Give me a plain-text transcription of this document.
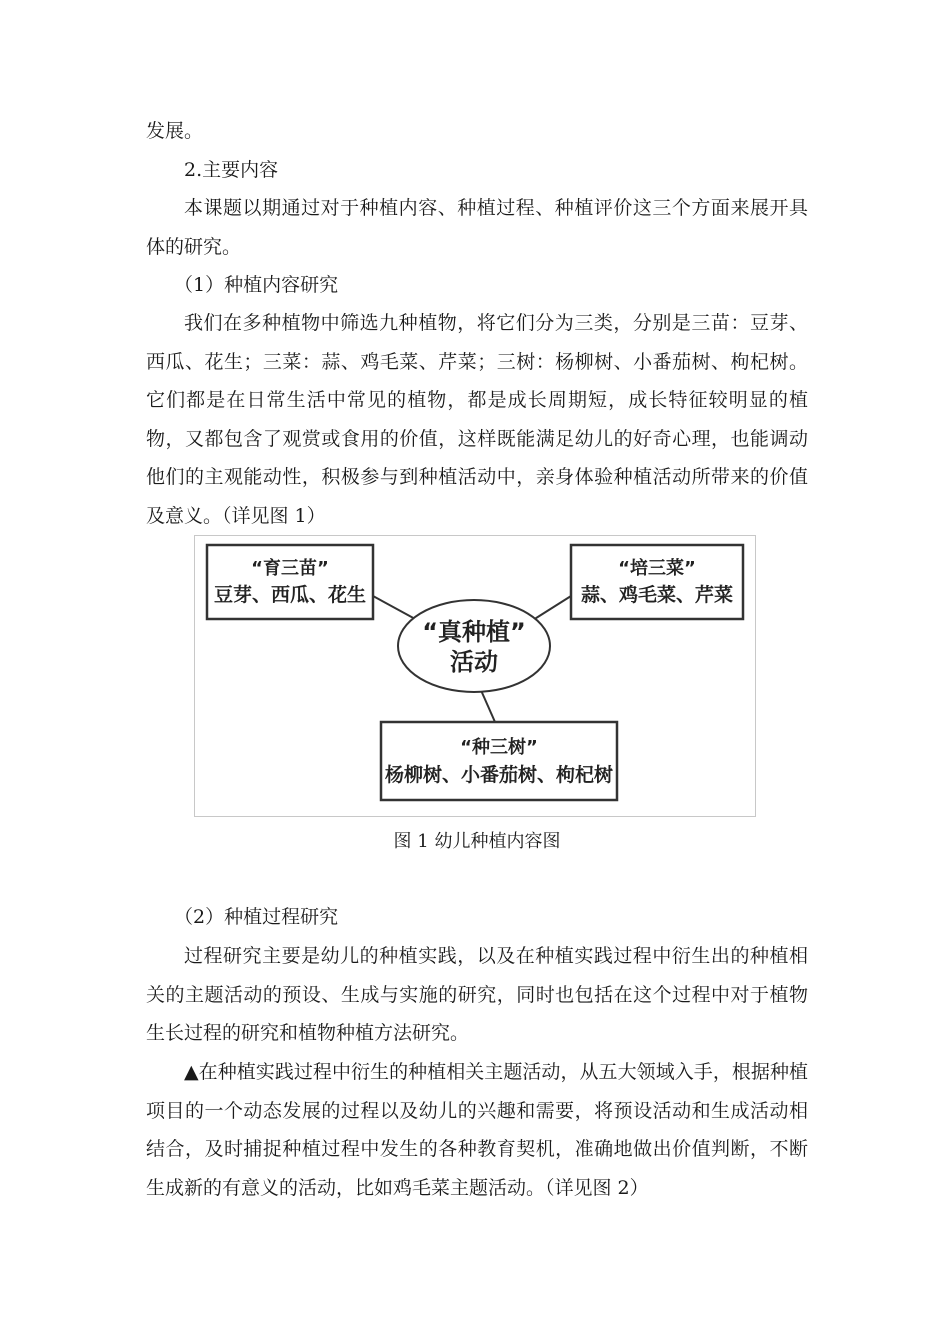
发展。

2.主要内容

本课题以期通过对于种植内容、种植过程、种植评价这三个方面来展开具体的研究。

（1）种植内容研究

我们在多种植物中筛选九种植物，将它们分为三类，分别是三苗：豆芽、西瓜、花生；三菜：蒜、鸡毛菜、芹菜；三树：杨柳树、小番茄树、枸杞树。它们都是在日常生活中常见的植物，都是成长周期短，成长特征较明显的植物，又都包含了观赏或食用的价值，这样既能满足幼儿的好奇心理，也能调动他们的主观能动性，积极参与到种植活动中，亲身体验种植活动所带来的价值及意义。（详见图 1）

“真种植”
活动
“育三苗”
豆芽、西瓜、花生
“培三菜”
蒜、鸡毛菜、芹菜
“种三树”
杨柳树、小番茄树、枸杞树
图 1 幼儿种植内容图

（2）种植过程研究

过程研究主要是幼儿的种植实践，以及在种植实践过程中衍生出的种植相关的主题活动的预设、生成与实施的研究，同时也包括在这个过程中对于植物生长过程的研究和植物种植方法研究。

▲在种植实践过程中衍生的种植相关主题活动，从五大领域入手，根据种植项目的一个动态发展的过程以及幼儿的兴趣和需要，将预设活动和生成活动相结合，及时捕捉种植过程中发生的各种教育契机，准确地做出价值判断，不断生成新的有意义的活动，比如鸡毛菜主题活动。（详见图 2）
